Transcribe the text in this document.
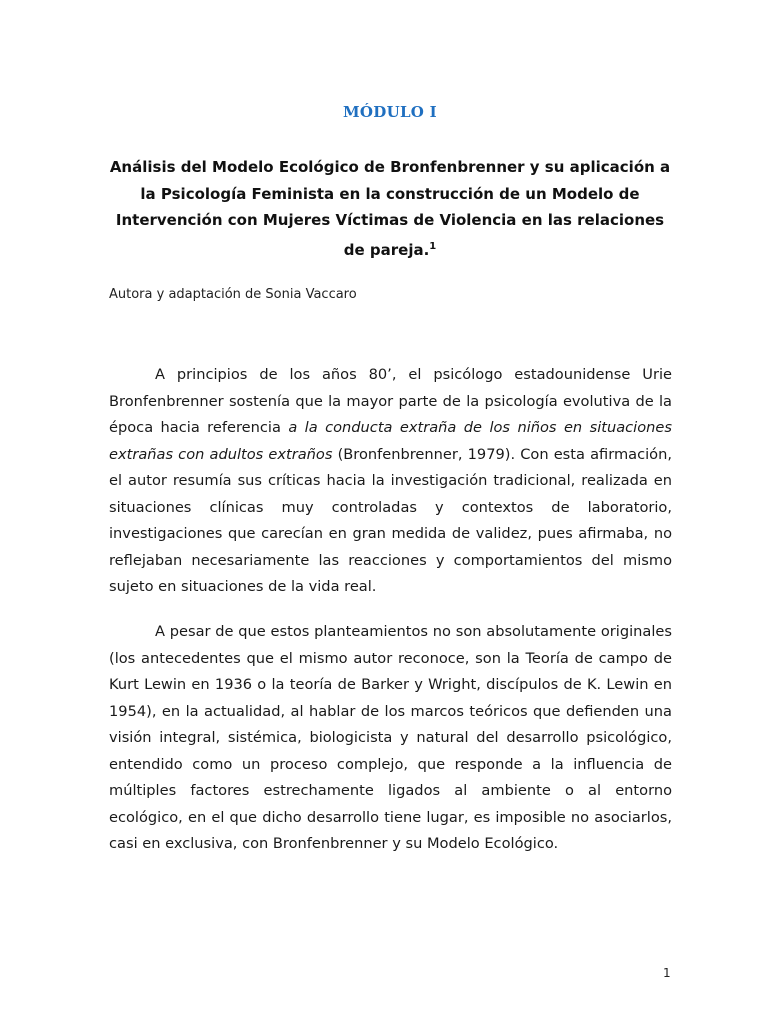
MÓDULO I
Análisis del Modelo Ecológico de Bronfenbrenner y su aplicación a la Psicología Feminista en la construcción de un Modelo de Intervención con Mujeres Víctimas de Violencia en las relaciones de pareja.$^1$
Autora y adaptación de Sonia Vaccaro
A principios de los años 80’, el psicólogo estadounidense Urie Bronfenbrenner sostenía que la mayor parte de la psicología evolutiva de la época hacia referencia a la conducta extraña de los niños en situaciones extrañas con adultos extraños (Bronfenbrenner, 1979). Con esta afirmación, el autor resumía sus críticas hacia la investigación tradicional, realizada en situaciones clínicas muy controladas y contextos de laboratorio, investigaciones que carecían en gran medida de validez, pues afirmaba, no reflejaban necesariamente las reacciones y comportamientos del mismo sujeto en situaciones de la vida real.
A pesar de que estos planteamientos no son absolutamente originales (los antecedentes que el mismo autor reconoce, son la Teoría de campo de Kurt Lewin en 1936 o la teoría de Barker y Wright, discípulos de K. Lewin en 1954), en la actualidad, al hablar de los marcos teóricos que defienden una visión integral, sistémica, biologicista y natural del desarrollo psicológico, entendido como un proceso complejo, que responde a la influencia de múltiples factores estrechamente ligados al ambiente o al entorno ecológico, en el que dicho desarrollo tiene lugar, es imposible no asociarlos, casi en exclusiva, con Bronfenbrenner y su Modelo Ecológico.
1
